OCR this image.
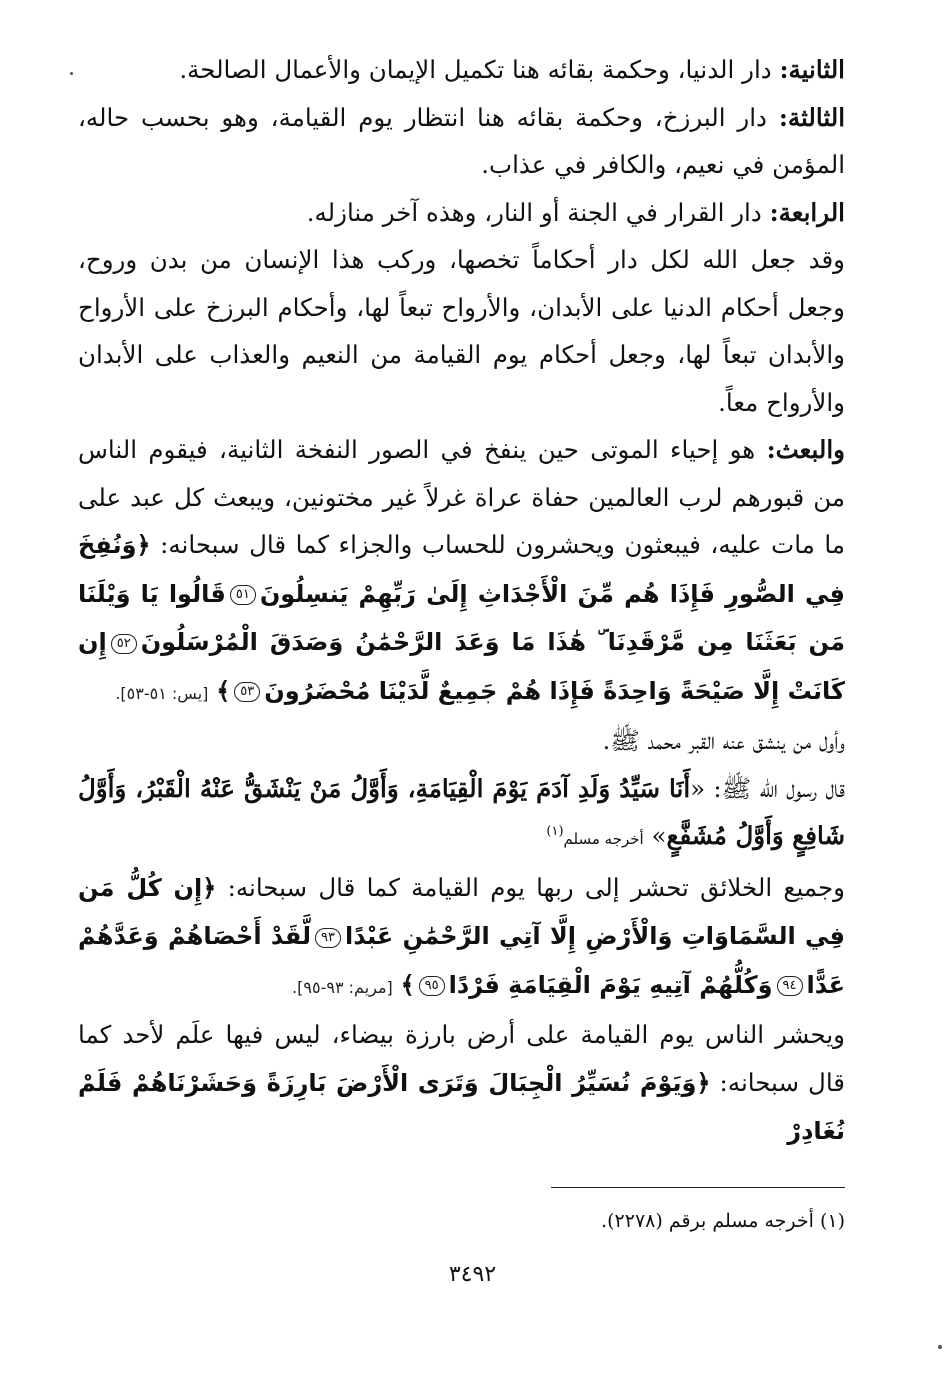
الثانية: دار الدنيا، وحكمة بقائه هنا تكميل الإيمان والأعمال الصالحة.

الثالثة: دار البرزخ، وحكمة بقائه هنا انتظار يوم القيامة، وهو بحسب حاله، المؤمن في نعيم، والكافر في عذاب.

الرابعة: دار القرار في الجنة أو النار، وهذه آخر منازله.

وقد جعل الله لكل دار أحكاماً تخصها، وركب هذا الإنسان من بدن وروح، وجعل أحكام الدنيا على الأبدان، والأرواح تبعاً لها، وأحكام البرزخ على الأرواح والأبدان تبعاً لها، وجعل أحكام يوم القيامة من النعيم والعذاب على الأبدان والأرواح معاً.

والبعث: هو إحياء الموتى حين ينفخ في الصور النفخة الثانية، فيقوم الناس من قبورهم لرب العالمين حفاة عراة غرلاً غير مختونين، ويبعث كل عبد على ما مات عليه، فيبعثون ويحشرون للحساب والجزاء كما قال سبحانه: ﴿وَنُفِخَ فِي الصُّورِ فَإِذَا هُم مِّنَ الْأَجْدَاثِ إِلَىٰ رَبِّهِمْ يَنسِلُونَ٥١قَالُوا يَا وَيْلَنَا مَن بَعَثَنَا مِن مَّرْقَدِنَا ۜ هَٰذَا مَا وَعَدَ الرَّحْمَٰنُ وَصَدَقَ الْمُرْسَلُونَ٥٢إِن كَانَتْ إِلَّا صَيْحَةً وَاحِدَةً فَإِذَا هُمْ جَمِيعٌ لَّدَيْنَا مُحْضَرُونَ٥٣﴾ [يس: ٥١-٥٣].

وأول من ينشق عنه القبر محمد ﷺ.

قال رسول الله ﷺ: «أَنَا سَيِّدُ وَلَدِ آدَمَ يَوْمَ الْقِيَامَةِ، وَأَوَّلُ مَنْ يَنْشَقُّ عَنْهُ الْقَبْرُ، وَأَوَّلُ شَافِعٍ وَأَوَّلُ مُشَفَّعٍ» أخرجه مسلم$^{(١)}$

وجميع الخلائق تحشر إلى ربها يوم القيامة كما قال سبحانه: ﴿إِن كُلُّ مَن فِي السَّمَاوَاتِ وَالْأَرْضِ إِلَّا آتِي الرَّحْمَٰنِ عَبْدًا٩٣لَّقَدْ أَحْصَاهُمْ وَعَدَّهُمْ عَدًّا٩٤وَكُلُّهُمْ آتِيهِ يَوْمَ الْقِيَامَةِ فَرْدًا٩٥﴾ [مريم: ٩٣-٩٥].

ويحشر الناس يوم القيامة على أرض بارزة بيضاء، ليس فيها علَم لأحد كما قال سبحانه: ﴿وَيَوْمَ نُسَيِّرُ الْجِبَالَ وَتَرَى الْأَرْضَ بَارِزَةً وَحَشَرْنَاهُمْ فَلَمْ نُغَادِرْ

(١) أخرجه مسلم برقم (٢٢٧٨).
٣٤٩٢
